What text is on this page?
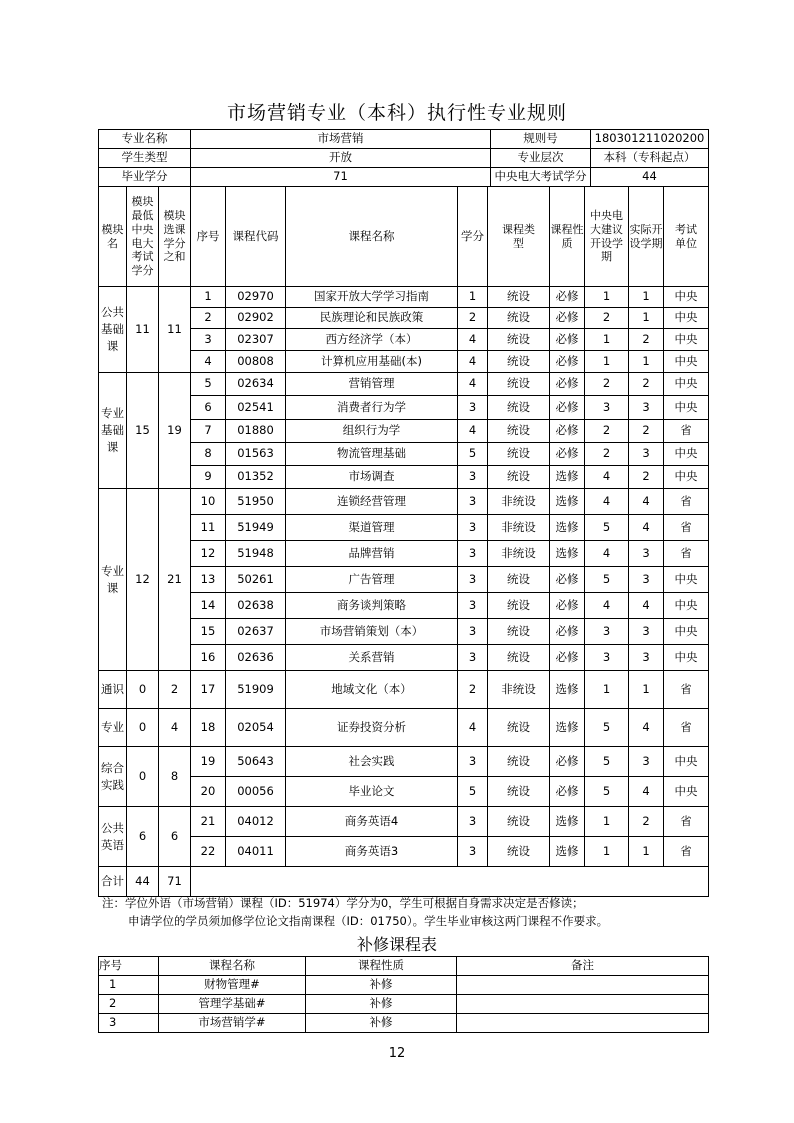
市场营销专业（本科）执行性专业规则
专业名称	市场营销	规则号	180301211020200
学生类型	开放	专业层次	本科（专科起点）
毕业学分	71	中央电大考试学分	44
模块名	模块最低中央电大考试学分	模块选课学分之和	序号	课程代码	课程名称	学分	课程类型	课程性质	中央电大建议开设学期	实际开设学期	考试单位
公共基础课	11	11	1	02970	国家开放大学学习指南	1	统设	必修	1	1	中央
			2	02902	民族理论和民族政策	2	统设	必修	2	1	中央
			3	02307	西方经济学（本）	4	统设	必修	1	2	中央
			4	00808	计算机应用基础(本)	4	统设	必修	1	1	中央
专业基础课	15	19	5	02634	营销管理	4	统设	必修	2	2	中央
			6	02541	消费者行为学	3	统设	必修	3	3	中央
			7	01880	组织行为学	4	统设	必修	2	2	省
			8	01563	物流管理基础	5	统设	必修	2	3	中央
			9	01352	市场调查	3	统设	选修	4	2	中央
专业课	12	21	10	51950	连锁经营管理	3	非统设	选修	4	4	省
			11	51949	渠道管理	3	非统设	选修	5	4	省
			12	51948	品牌营销	3	非统设	选修	4	3	省
			13	50261	广告管理	3	统设	必修	5	3	中央
			14	02638	商务谈判策略	3	统设	必修	4	4	中央
			15	02637	市场营销策划（本）	3	统设	必修	3	3	中央
			16	02636	关系营销	3	统设	必修	3	3	中央
通识	0	2	17	51909	地域文化（本）	2	非统设	选修	1	1	省
专业	0	4	18	02054	证券投资分析	4	统设	选修	5	4	省
综合实践	0	8	19	50643	社会实践	3	统设	必修	5	3	中央
			20	00056	毕业论文	5	统设	必修	5	4	中央
公共英语	6	6	21	04012	商务英语4	3	统设	选修	1	2	省
			22	04011	商务英语3	3	统设	选修	1	1	省
合计	44	71									
注：学位外语（市场营销）课程（ID：51974）学分为0，学生可根据自身需求决定是否修读；
申请学位的学员须加修学位论文指南课程（ID：01750）。学生毕业审核这两门课程不作要求。
补修课程表
序号	课程名称	课程性质	备注
1	财物管理#	补修	
2	管理学基础#	补修	
3	市场营销学#	补修	
12
